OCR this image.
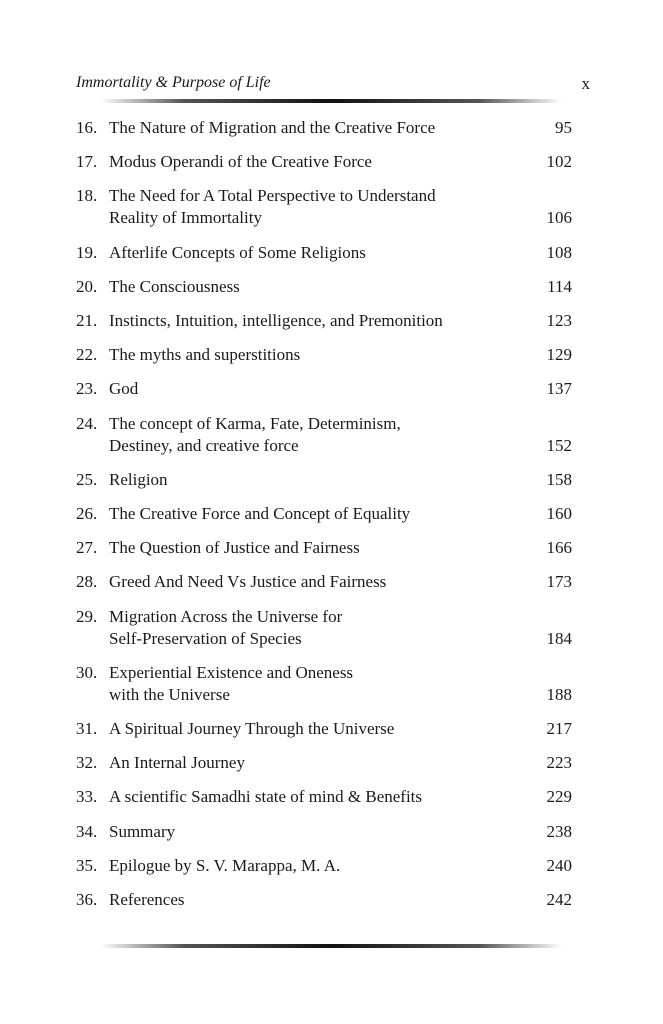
Immortality & Purpose of Life	x
16. The Nature of Migration and the Creative Force	95
17. Modus Operandi of the Creative Force	102
18. The Need for A Total Perspective to Understand
Reality of Immortality	106
19. Afterlife Concepts of Some Religions	108
20. The Consciousness	114
21. Instincts, Intuition, intelligence, and Premonition	123
22. The myths and superstitions	129
23. God	137
24. The concept of Karma, Fate, Determinism,
Destiney, and creative force	152
25. Religion	158
26. The Creative Force and Concept of Equality	160
27. The Question of Justice and Fairness	166
28. Greed And Need Vs Justice and Fairness	173
29. Migration Across the Universe for
Self-Preservation of Species	184
30. Experiential Existence and Oneness
with the Universe	188
31. A Spiritual Journey Through the Universe	217
32. An Internal Journey	223
33. A scientific Samadhi state of mind & Benefits	229
34. Summary	238
35. Epilogue by S. V. Marappa, M. A.	240
36. References	242
